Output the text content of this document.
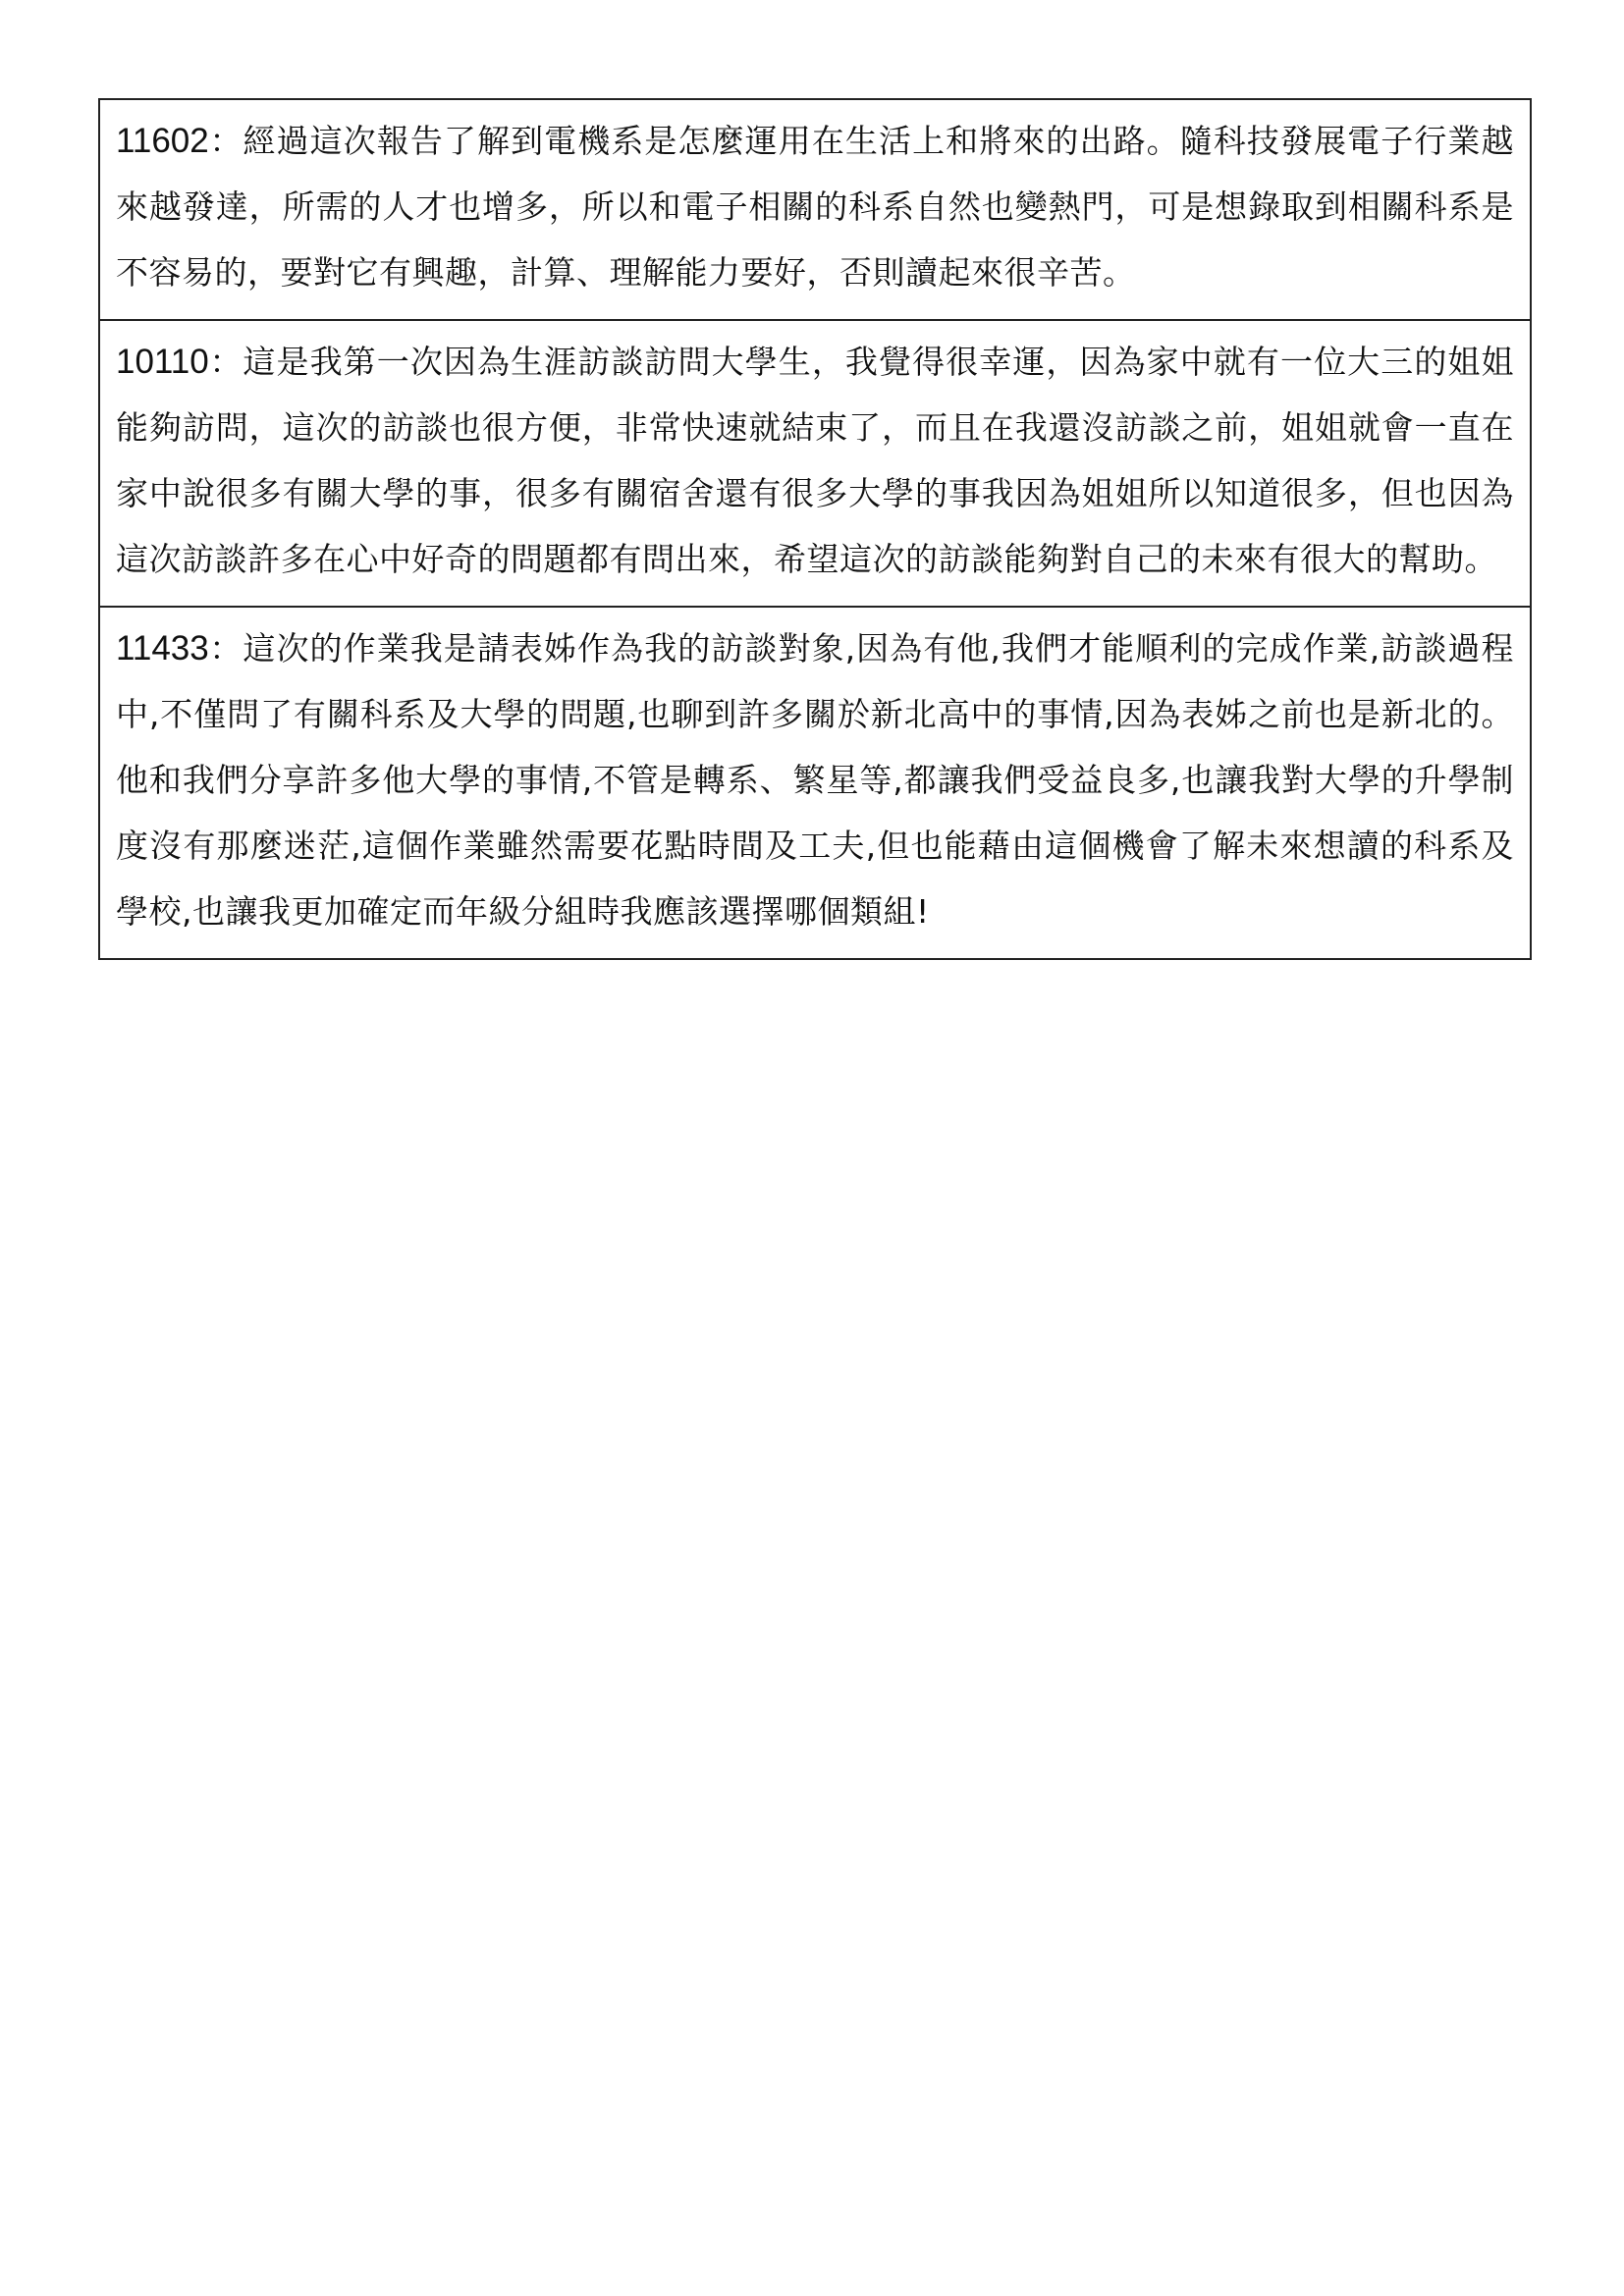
11602：經過這次報告了解到電機系是怎麼運用在生活上和將來的出路。隨科技發展電子行業越來越發達，所需的人才也增多，所以和電子相關的科系自然也變熱門，可是想錄取到相關科系是不容易的，要對它有興趣，計算、理解能力要好，否則讀起來很辛苦。

10110：這是我第一次因為生涯訪談訪問大學生，我覺得很幸運，因為家中就有一位大三的姐姐能夠訪問，這次的訪談也很方便，非常快速就結束了，而且在我還沒訪談之前，姐姐就會一直在家中說很多有關大學的事，很多有關宿舍還有很多大學的事我因為姐姐所以知道很多，但也因為這次訪談許多在心中好奇的問題都有問出來，希望這次的訪談能夠對自己的未來有很大的幫助。

11433：這次的作業我是請表姊作為我的訪談對象,因為有他,我們才能順利的完成作業,訪談過程中,不僅問了有關科系及大學的問題,也聊到許多關於新北高中的事情,因為表姊之前也是新北的。他和我們分享許多他大學的事情,不管是轉系、繁星等,都讓我們受益良多,也讓我對大學的升學制度沒有那麼迷茫,這個作業雖然需要花點時間及工夫,但也能藉由這個機會了解未來想讀的科系及學校,也讓我更加確定而年級分組時我應該選擇哪個類組!
